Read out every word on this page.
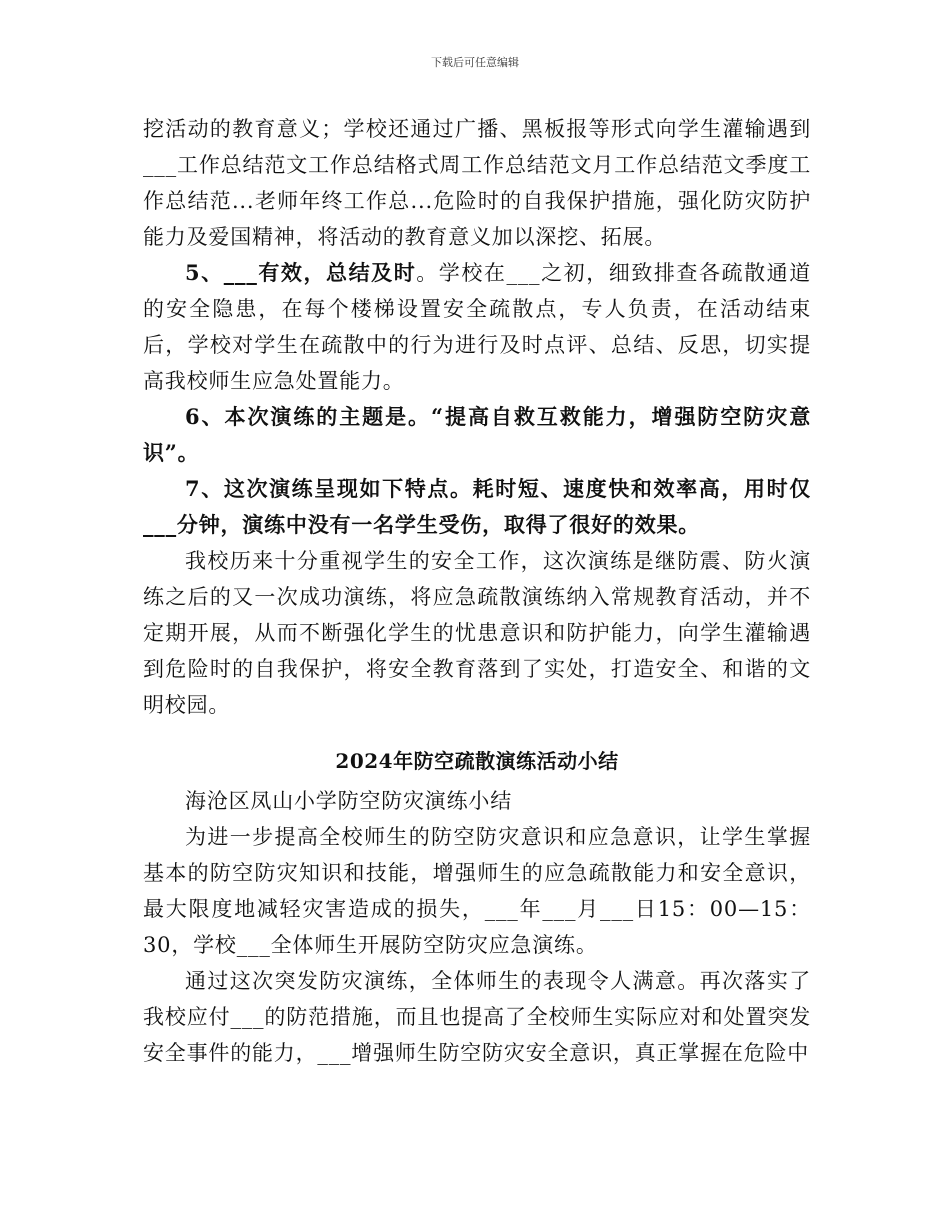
下载后可任意编辑

挖活动的教育意义；学校还通过广播、黑板报等形式向学生灌输遇到___工作总结范文工作总结格式周工作总结范文月工作总结范文季度工作总结范...老师年终工作总...危险时的自我保护措施，强化防灾防护能力及爱国精神，将活动的教育意义加以深挖、拓展。

5、___有效，总结及时。学校在___之初，细致排查各疏散通道的安全隐患，在每个楼梯设置安全疏散点，专人负责，在活动结束后，学校对学生在疏散中的行为进行及时点评、总结、反思，切实提高我校师生应急处置能力。

6、本次演练的主题是。“提高自救互救能力，增强防空防灾意识”。

7、这次演练呈现如下特点。耗时短、速度快和效率高，用时仅___分钟，演练中没有一名学生受伤，取得了很好的效果。

我校历来十分重视学生的安全工作，这次演练是继防震、防火演练之后的又一次成功演练，将应急疏散演练纳入常规教育活动，并不定期开展，从而不断强化学生的忧患意识和防护能力，向学生灌输遇到危险时的自我保护，将安全教育落到了实处，打造安全、和谐的文明校园。

2024年防空疏散演练活动小结

海沧区凤山小学防空防灾演练小结

为进一步提高全校师生的防空防灾意识和应急意识，让学生掌握基本的防空防灾知识和技能，增强师生的应急疏散能力和安全意识，最大限度地减轻灾害造成的损失，___年___月___日15：00—15：30，学校___全体师生开展防空防灾应急演练。

通过这次突发防灾演练，全体师生的表现令人满意。再次落实了我校应付___的防范措施，而且也提高了全校师生实际应对和处置突发安全事件的能力，___增强师生防空防灾安全意识，真正掌握在危险中
